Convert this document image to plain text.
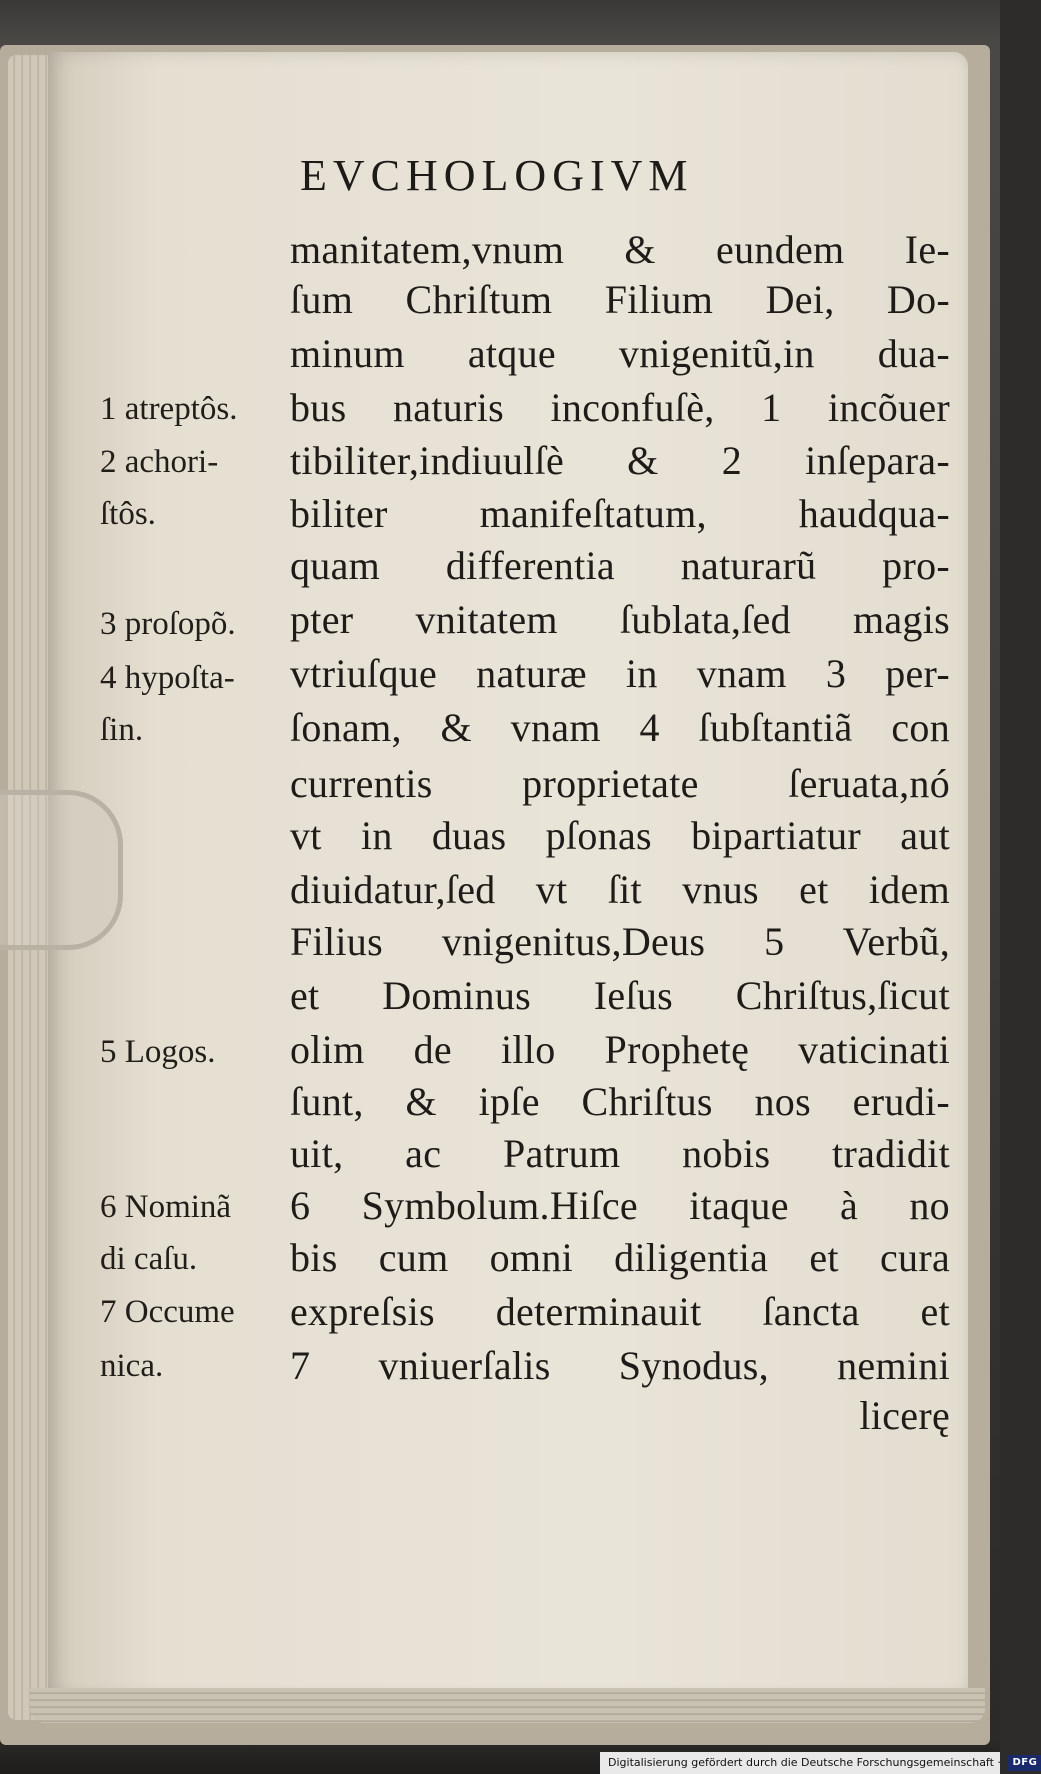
EVCHOLOGIVM
manitatem,vnum & eundem Ie-
ſum Chriſtum Filium Dei, Do-
minum atque vnigenitũ,in dua-
bus naturis inconfuſè, 1 incõuer
tibiliter,indiuulſè & 2 inſepara-
biliter manifeſtatum, haudqua-
quam differentia naturarũ pro-
pter vnitatem ſublata,ſed magis
vtriuſque naturæ in vnam 3 per-
ſonam, & vnam 4 ſubſtantiã con
currentis proprietate ſeruata,nó
vt in duas pſonas bipartiatur aut
diuidatur,ſed vt ſit vnus et idem
Filius vnigenitus,Deus 5 Verbũ,
et Dominus Ieſus Chriſtus,ſicut
olim de illo Prophetę vaticinati
ſunt, & ipſe Chriſtus nos erudi-
uit, ac Patrum nobis tradidit
6 Symbolum.Hiſce itaque à no
bis cum omni diligentia et cura
expreſsis determinauit ſancta et
7 vniuerſalis Synodus, nemini
licerę
1 atreptôs.
2 achori-
ſtôs.
3 proſopõ.
4 hypoſta-
ſin.
5 Logos.
6 Nominã
di caſu.
7 Occume
nica.
Digitalisierung gefördert durch die Deutsche Forschungsgemeinschaft · DFG
